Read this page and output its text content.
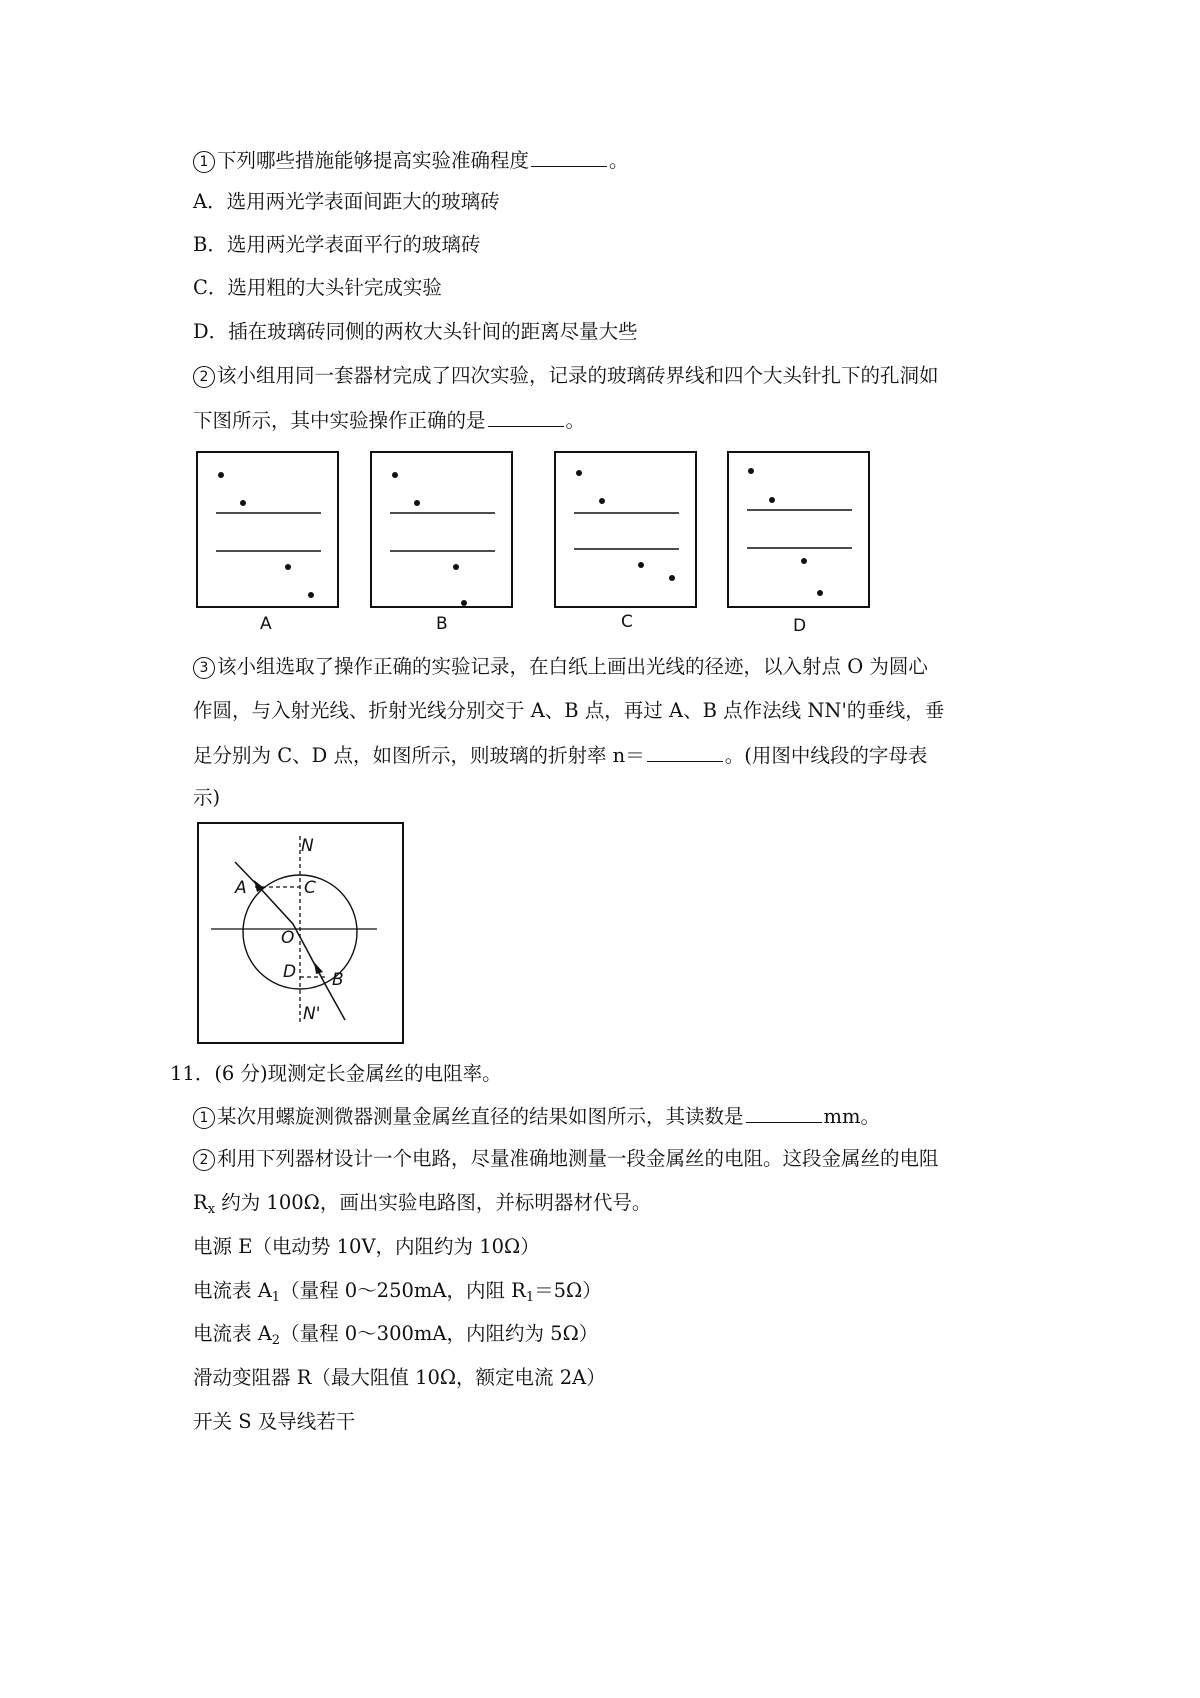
1 下列哪些措施能够提高实验准确程度	。
A．选用两光学表面间距大的玻璃砖
B．选用两光学表面平行的玻璃砖
C．选用粗的大头针完成实验
D．插在玻璃砖同侧的两枚大头针间的距离尽量大些
2 该小组用同一套器材完成了四次实验，记录的玻璃砖界线和四个大头针扎下的孔洞如
下图所示，其中实验操作正确的是	。
A	B	C	D
3 该小组选取了操作正确的实验记录，在白纸上画出光线的径迹，以入射点 O 为圆心
作圆，与入射光线、折射光线分别交于 A、B 点，再过 A、B 点作法线 NN'的垂线，垂
足分别为 C、D 点，如图所示，则玻璃的折射率 n＝	。(用图中线段的字母表
示)
N
A	C
O
D B
N'
11．(6 分)现测定长金属丝的电阻率。
1 某次用螺旋测微器测量金属丝直径的结果如图所示，其读数是	mm。
2 利用下列器材设计一个电路，尽量准确地测量一段金属丝的电阻。这段金属丝的电阻
$R_x$ 约为 100Ω，画出实验电路图，并标明器材代号。
电源 E（电动势 10V，内阻约为 10Ω）
电流表 $A_1$（量程 0～250mA，内阻 $R_1=5\Omega$）
电流表 $A_2$（量程 0～300mA，内阻约为 5Ω）
滑动变阻器 R（最大阻值 10Ω，额定电流 2A）
开关 S 及导线若干
